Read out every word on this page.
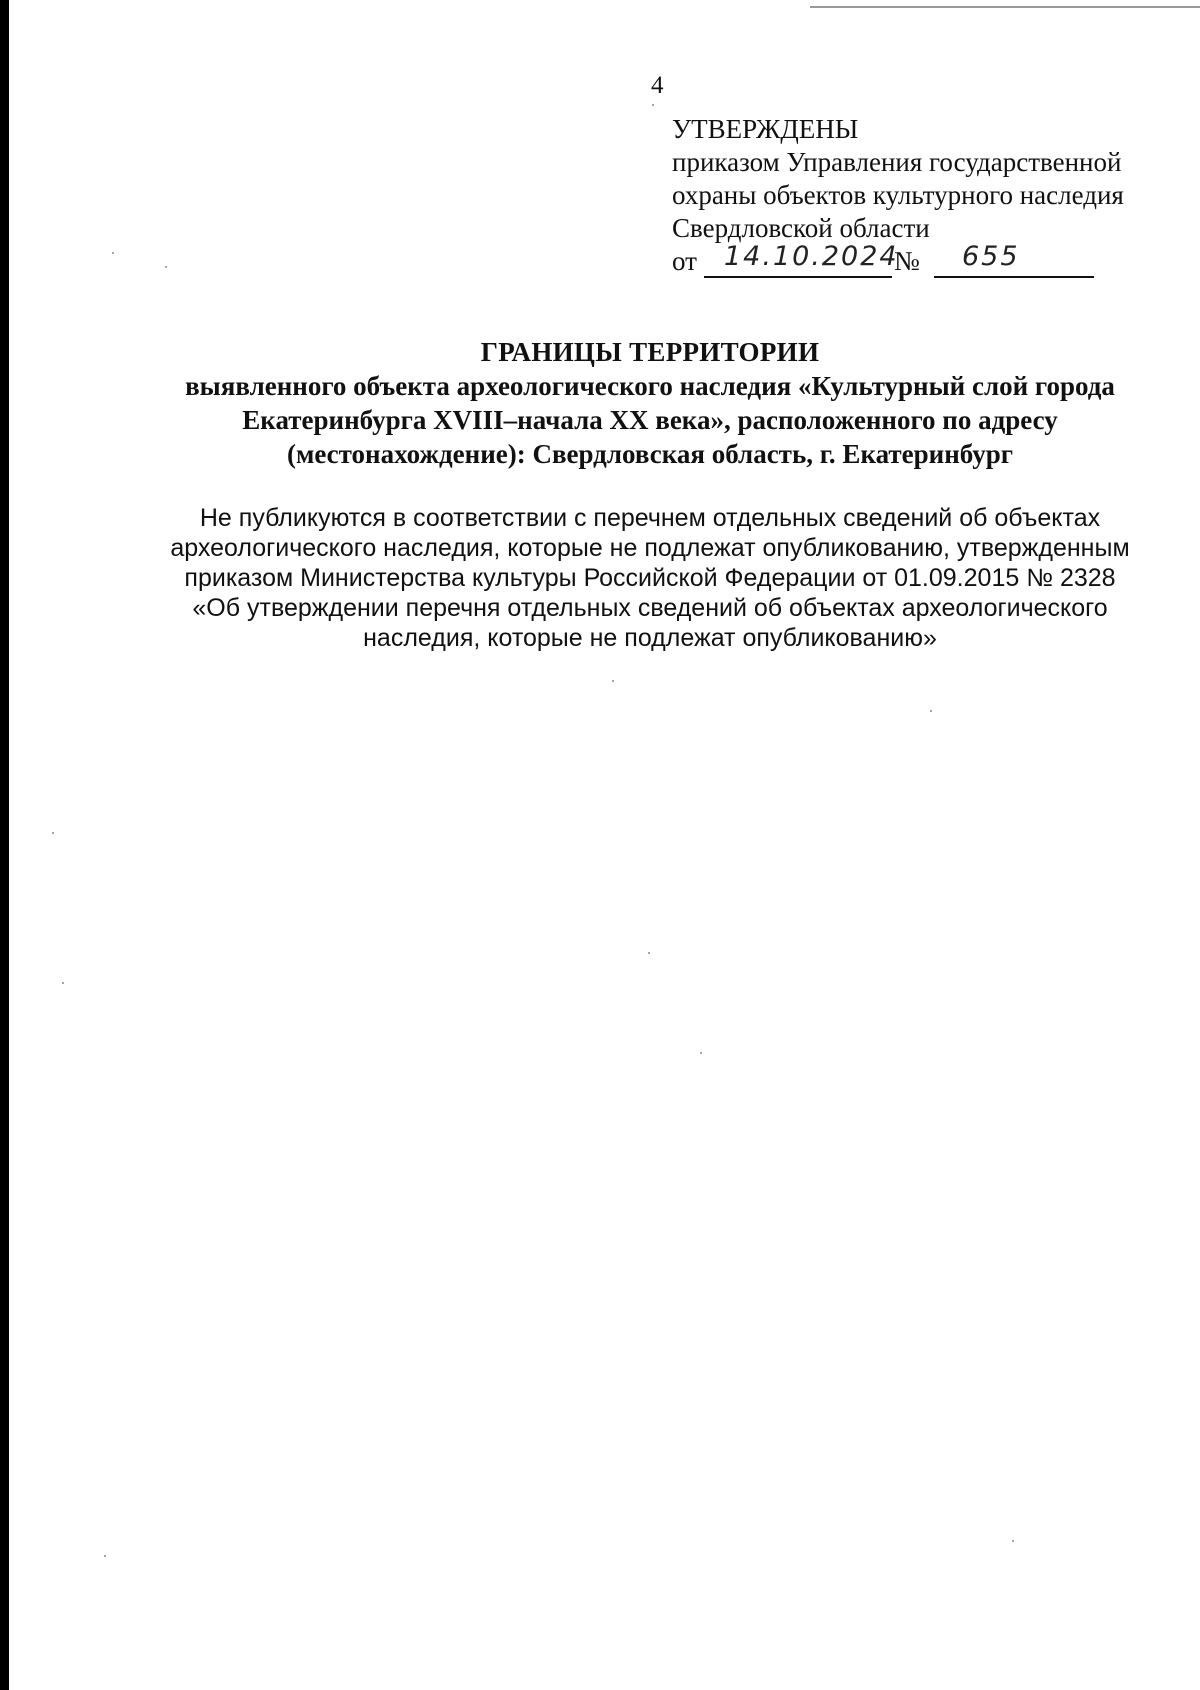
4
УТВЕРЖДЕНЫ
приказом Управления государственной
охраны объектов культурного наследия
Свердловской области
от 14.10.2024
№ 655
ГРАНИЦЫ ТЕРРИТОРИИ
выявленного объекта археологического наследия «Культурный слой города
Екатеринбурга XVIII–начала XX века», расположенного по адресу
(местонахождение): Свердловская область, г. Екатеринбург
Не публикуются в соответствии с перечнем отдельных сведений об объектах
археологического наследия, которые не подлежат опубликованию, утвержденным
приказом Министерства культуры Российской Федерации от 01.09.2015 № 2328
«Об утверждении перечня отдельных сведений об объектах археологического
наследия, которые не подлежат опубликованию»
